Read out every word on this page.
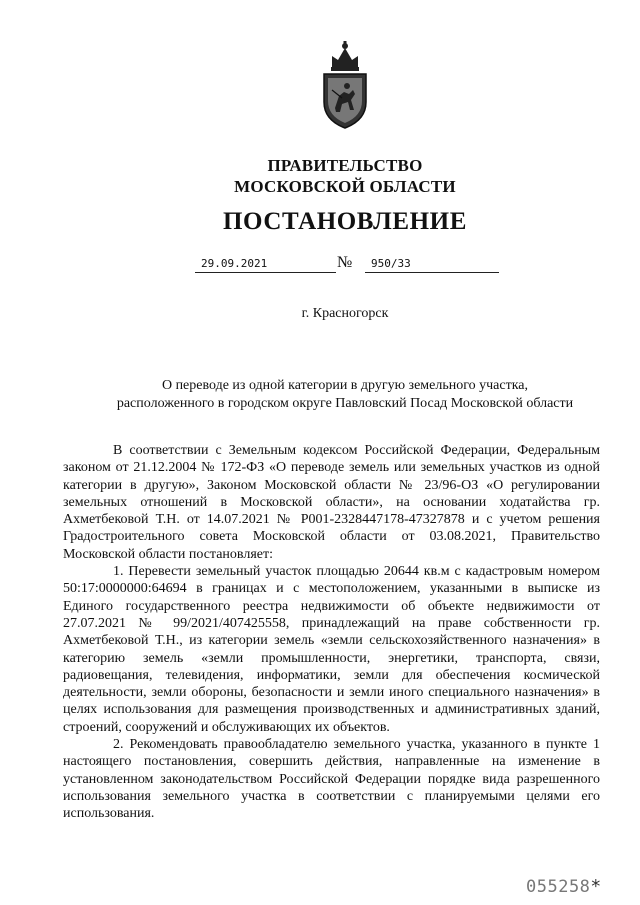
ПРАВИТЕЛЬСТВО
МОСКОВСКОЙ ОБЛАСТИ
ПОСТАНОВЛЕНИЕ
29.09.2021	№	950/33
г. Красногорск
О переводе из одной категории в другую земельного участка,
расположенного в городском округе Павловский Посад Московской области

В соответствии с Земельным кодексом Российской Федерации, Федеральным законом от 21.12.2004 № 172-ФЗ «О переводе земель или земельных участков из одной категории в другую», Законом Московской области № 23/96-ОЗ «О регулировании земельных отношений в Московской области», на основании ходатайства гр. Ахметбековой Т.Н. от 14.07.2021 № Р001-2328447178-47327878 и с учетом решения Градостроительного совета Московской области от 03.08.2021, Правительство Московской области постановляет:

1. Перевести земельный участок площадью 20644 кв.м с кадастровым номером 50:17:0000000:64694 в границах и с местоположением, указанными в выписке из Единого государственного реестра недвижимости об объекте недвижимости от 27.07.2021 № 99/2021/407425558, принадлежащий на праве собственности гр. Ахметбековой Т.Н., из категории земель «земли сельскохозяйственного назначения» в категорию земель «земли промышленности, энергетики, транспорта, связи, радиовещания, телевидения, информатики, земли для обеспечения космической деятельности, земли обороны, безопасности и земли иного специального назначения» в целях использования для размещения производственных и административных зданий, строений, сооружений и обслуживающих их объектов.

2. Рекомендовать правообладателю земельного участка, указанного в пункте 1 настоящего постановления, совершить действия, направленные на изменение в установленном законодательством Российской Федерации порядке вида разрешенного использования земельного участка в соответствии с планируемыми целями его использования.

055258*
